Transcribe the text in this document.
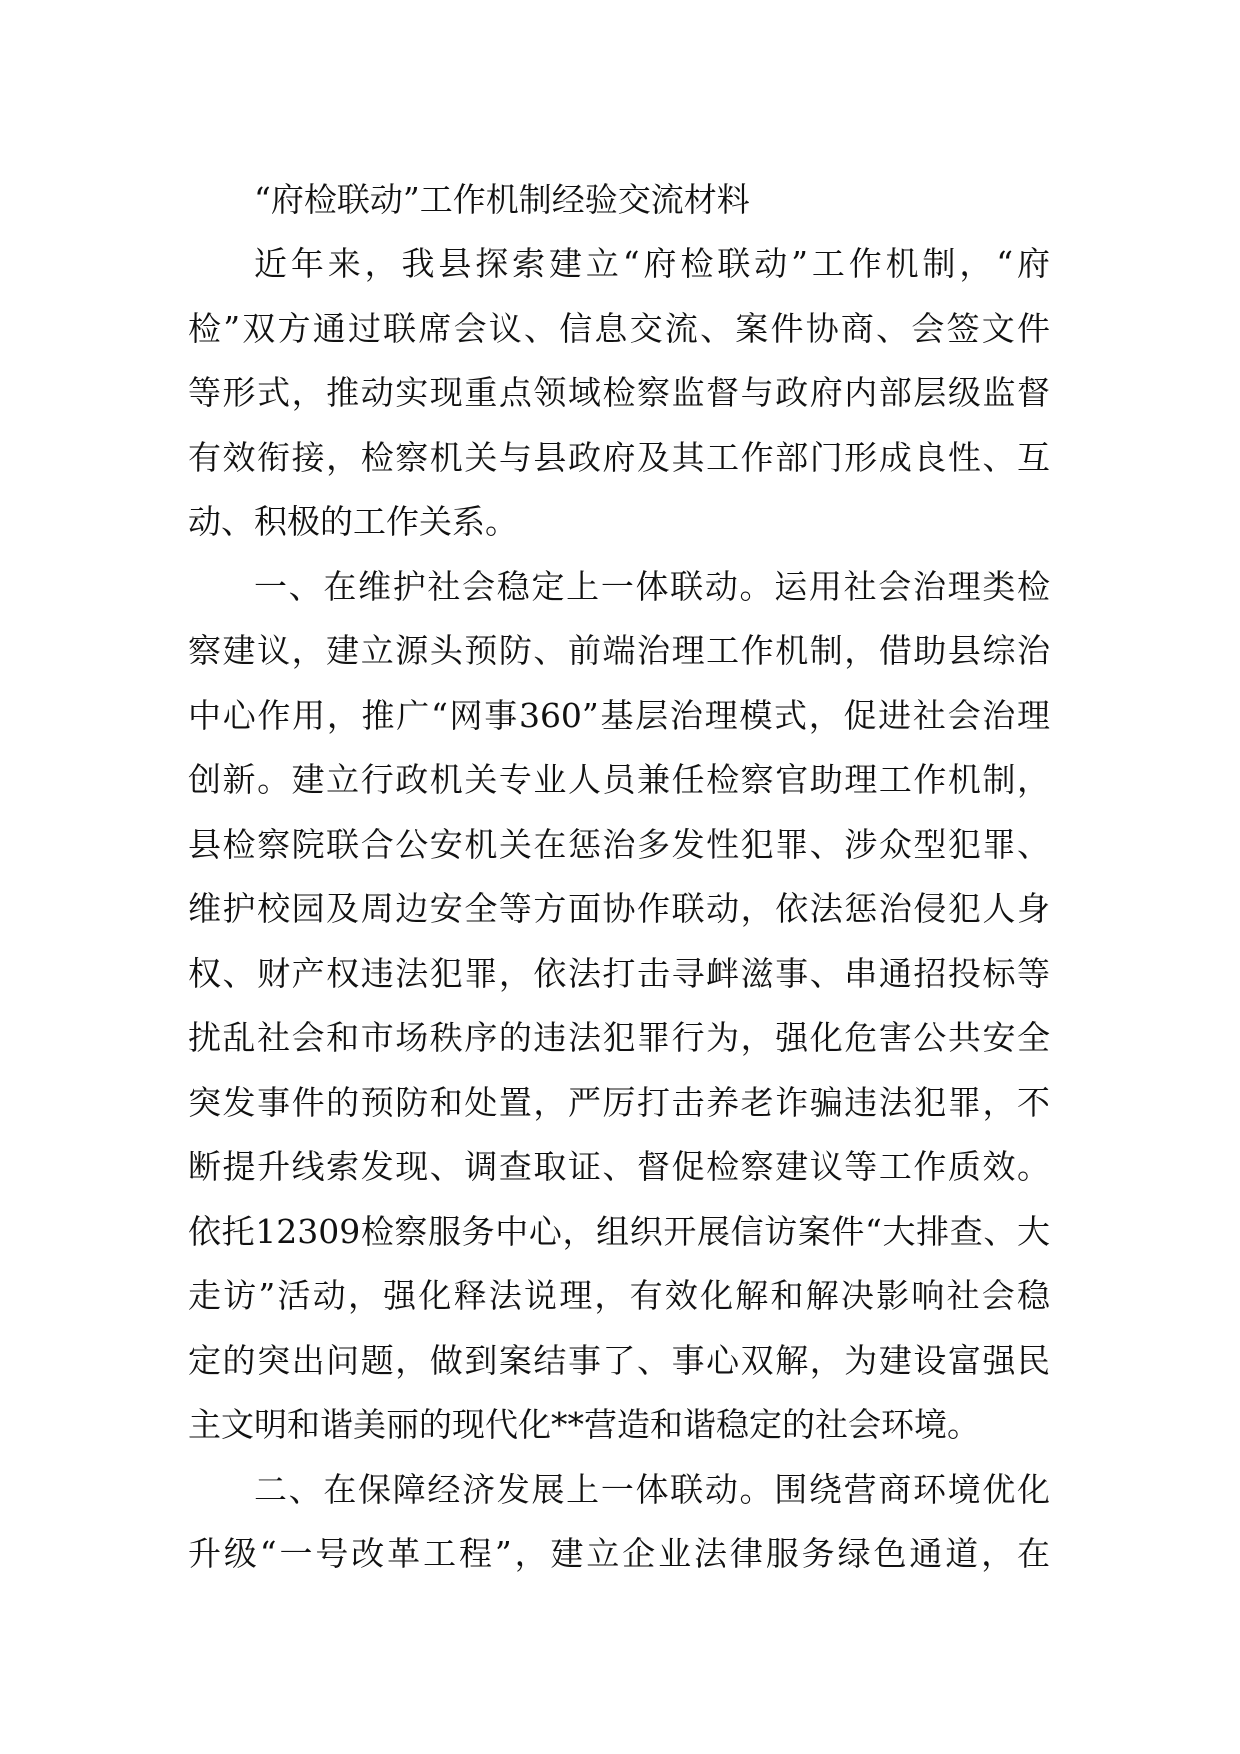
“府检联动”工作机制经验交流材料

近年来，我县探索建立“府检联动”工作机制，“府
检”双方通过联席会议、信息交流、案件协商、会签文件
等形式，推动实现重点领域检察监督与政府内部层级监督
有效衔接，检察机关与县政府及其工作部门形成良性、互
动、积极的工作关系。

一、在维护社会稳定上一体联动。运用社会治理类检
察建议，建立源头预防、前端治理工作机制，借助县综治
中心作用，推广“网事360”基层治理模式，促进社会治理
创新。建立行政机关专业人员兼任检察官助理工作机制，
县检察院联合公安机关在惩治多发性犯罪、涉众型犯罪、
维护校园及周边安全等方面协作联动，依法惩治侵犯人身
权、财产权违法犯罪，依法打击寻衅滋事、串通招投标等
扰乱社会和市场秩序的违法犯罪行为，强化危害公共安全
突发事件的预防和处置，严厉打击养老诈骗违法犯罪，不
断提升线索发现、调查取证、督促检察建议等工作质效。
依托12309检察服务中心，组织开展信访案件“大排查、大
走访”活动，强化释法说理，有效化解和解决影响社会稳
定的突出问题，做到案结事了、事心双解，为建设富强民
主文明和谐美丽的现代化**营造和谐稳定的社会环境。

二、在保障经济发展上一体联动。围绕营商环境优化
升级“一号改革工程”，建立企业法律服务绿色通道，在
